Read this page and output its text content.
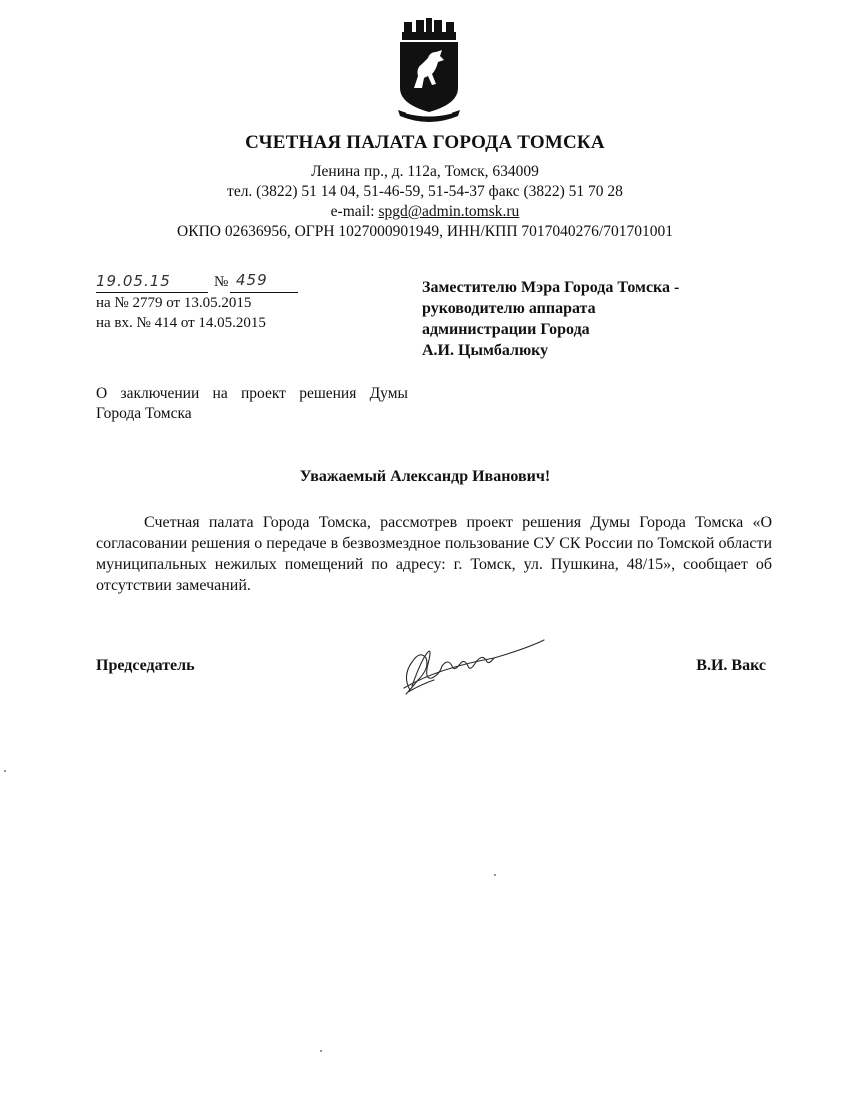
СЧЕТНАЯ ПАЛАТА ГОРОДА ТОМСКА
Ленина пр., д. 112а, Томск, 634009
тел. (3822) 51 14 04, 51-46-59, 51-54-37 факс (3822) 51 70 28
e-mail: spgd@admin.tomsk.ru
ОКПО 02636956, ОГРН 1027000901949, ИНН/КПП 7017040276/701701001
19.05.15	№ 459
на № 2779 от 13.05.2015
на вх. № 414 от 14.05.2015
Заместителю Мэра Города Томска -
руководителю аппарата
администрации Города
А.И. Цымбалюку
О заключении на проект решения Думы
Города Томска
Уважаемый Александр Иванович!
Счетная палата Города Томска, рассмотрев проект решения Думы Города Томска «О согласовании решения о передаче в безвозмездное пользование СУ СК России по Томской области муниципальных нежилых помещений по адресу: г. Томск, ул. Пушкина, 48/15», сообщает об отсутствии замечаний.
Председатель	В.И. Вакс
